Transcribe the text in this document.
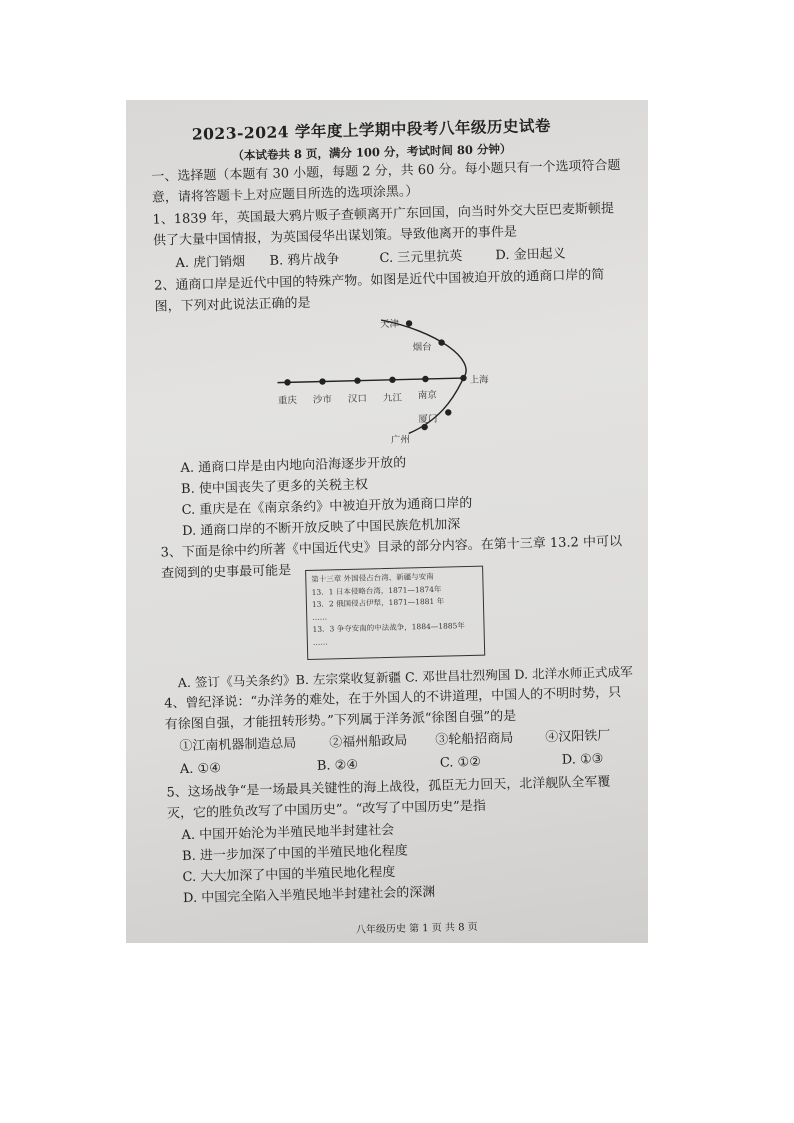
2023-2024 学年度上学期中段考八年级历史试卷
（本试卷共 8 页，满分 100 分，考试时间 80 分钟）
一、选择题（本题有 30 小题，每题 2 分，共 60 分。每小题只有一个选项符合题
意，请将答题卡上对应题目所选的选项涂黑。）
1、1839 年，英国最大鸦片贩子查顿离开广东回国，向当时外交大臣巴麦斯顿提
供了大量中国情报，为英国侵华出谋划策。导致他离开的事件是
A. 虎门销烟 B. 鸦片战争	C. 三元里抗英	D. 金田起义
2、通商口岸是近代中国的特殊产物。如图是近代中国被迫开放的通商口岸的简
图，下列对此说法正确的是
重庆 沙市 汉口 九江 南京
上海
天津
烟台
厦门
广州
A. 通商口岸是由内地向沿海逐步开放的
B. 使中国丧失了更多的关税主权
C. 重庆是在《南京条约》中被迫开放为通商口岸的
D. 通商口岸的不断开放反映了中国民族危机加深
3、下面是徐中约所著《中国近代史》目录的部分内容。在第十三章 13.2 中可以
查阅到的史事最可能是	第十三章 外国侵占台湾、新疆与安南
13．1 日本侵略台湾，1871—1874年
13．2 俄国侵占伊犁，1871—1881 年
……
13．3 争夺安南的中法战争，1884—1885年
……
A. 签订《马关条约》B. 左宗棠收复新疆 C. 邓世昌壮烈殉国 D. 北洋水师正式成军
4、曾纪泽说：“办洋务的难处，在于外国人的不讲道理，中国人的不明时势，只
有徐图自强，才能扭转形势。”下列属于洋务派“徐图自强”的是
①江南机器制造总局	②福州船政局 ③轮船招商局 ④汉阳铁厂
A. ①④	B. ②④	C. ①②	D. ①③
5、这场战争“是一场最具关键性的海上战役，孤臣无力回天，北洋舰队全军覆
灭，它的胜负改写了中国历史”。“改写了中国历史”是指
A. 中国开始沦为半殖民地半封建社会
B. 进一步加深了中国的半殖民地化程度
C. 大大加深了中国的半殖民地化程度
D. 中国完全陷入半殖民地半封建社会的深渊
八年级历史 第 1 页 共 8 页
